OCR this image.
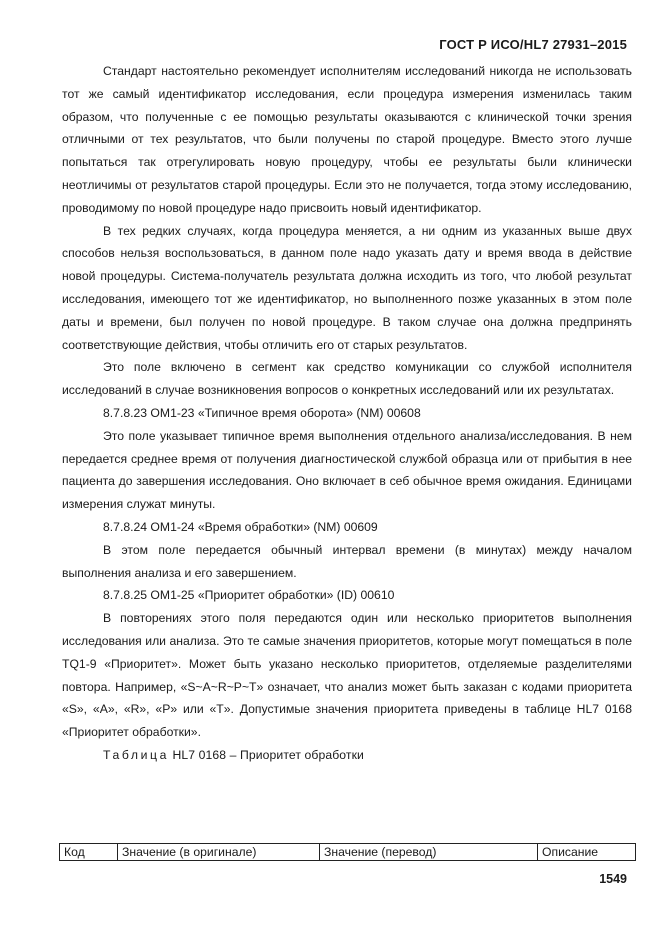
ГОСТ Р ИСО/HL7 27931–2015

Стандарт настоятельно рекомендует исполнителям исследований никогда не использовать тот же самый идентификатор исследования, если процедура измерения изменилась таким образом, что полученные с ее помощью результаты оказываются с клинической точки зрения отличными от тех результатов, что были получены по старой процедуре. Вместо этого лучше попытаться так отрегулировать новую процедуру, чтобы ее результаты были клинически неотличимы от результатов старой процедуры. Если это не получается, тогда этому исследованию, проводимому по новой процедуре надо присвоить новый идентификатор.

В тех редких случаях, когда процедура меняется, а ни одним из указанных выше двух способов нельзя воспользоваться, в данном поле надо указать дату и время ввода в действие новой процедуры. Система-получатель результата должна исходить из того, что любой результат исследования, имеющего тот же идентификатор, но выполненного позже указанных в этом поле даты и времени, был получен по новой процедуре. В таком случае она должна предпринять соответствующие действия, чтобы отличить его от старых результатов.

Это поле включено в сегмент как средство комуникации со службой исполнителя исследований в случае возникновения вопросов о конкретных исследований или их результатах.

8.7.8.23 OM1-23 «Типичное время оборота» (NM) 00608

Это поле указывает типичное время выполнения отдельного анализа/исследования. В нем передается среднее время от получения диагностической службой образца или от прибытия в нее пациента до завершения исследования. Оно включает в себ обычное время ожидания. Единицами измерения служат минуты.

8.7.8.24 OM1-24 «Время обработки» (NM) 00609

В этом поле передается обычный интервал времени (в минутах) между началом выполнения анализа и его завершением.

8.7.8.25 OM1-25 «Приоритет обработки» (ID) 00610

В повторениях этого поля передаются один или несколько приоритетов выполнения исследования или анализа. Это те самые значения приоритетов, которые могут помещаться в поле TQ1-9 «Приоритет». Может быть указано несколько приоритетов, отделяемые разделителями повтора. Например, «S~A~R~P~T» означает, что анализ может быть заказан с кодами приоритета «S», «A», «R», «P» или «T». Допустимые значения приоритета приведены в таблице HL7 0168 «Приоритет обработки».

Таблица HL7 0168 – Приоритет обработки
Код	Значение (в оригинале)	Значение (перевод)	Описание
1549
